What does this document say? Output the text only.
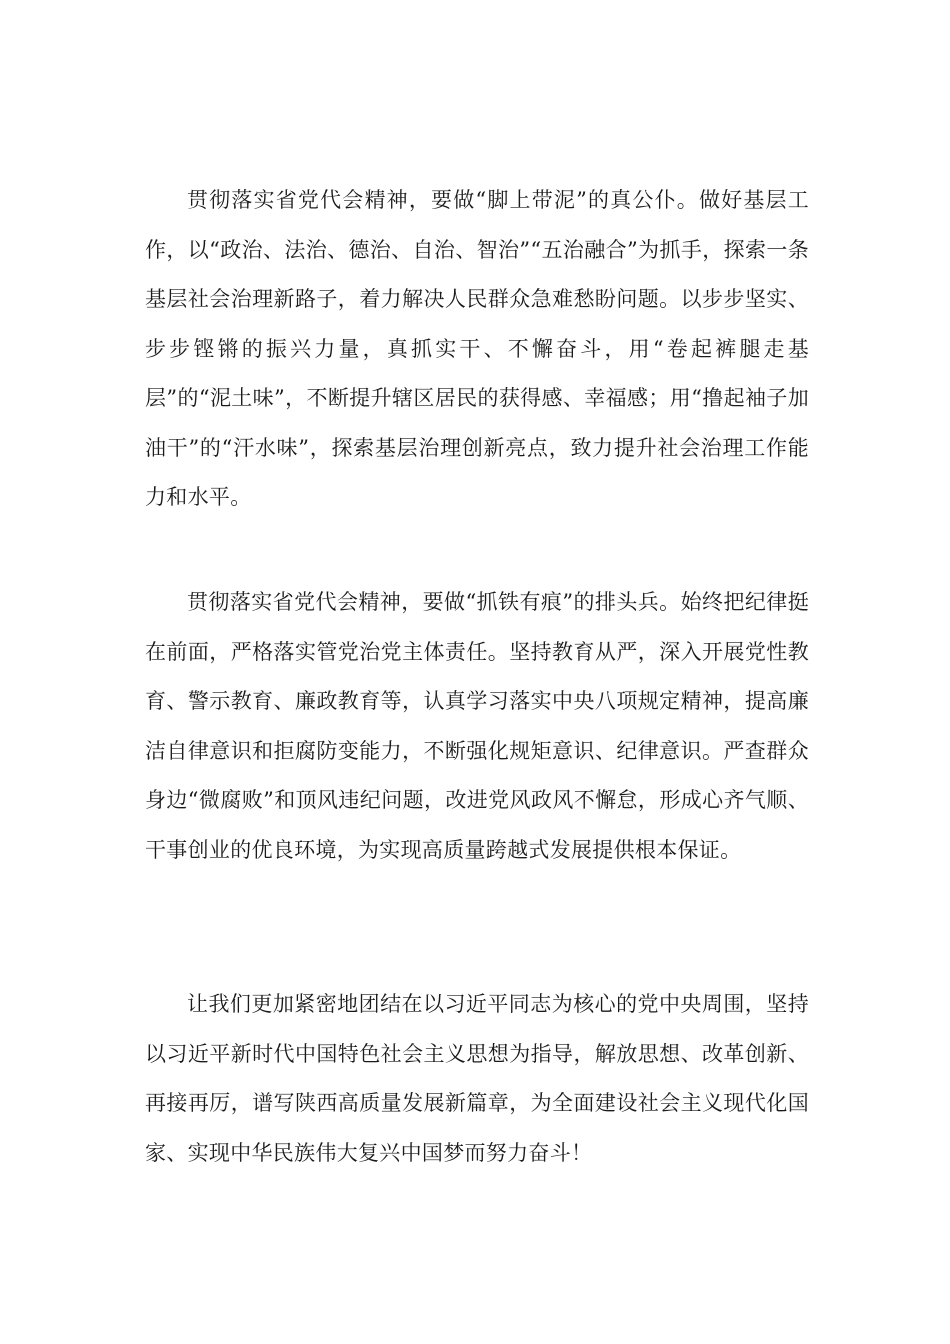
贯彻落实省党代会精神，要做“脚上带泥”的真公仆。做好基层工作，以“政治、法治、德治、自治、智治”“五治融合”为抓手，探索一条基层社会治理新路子，着力解决人民群众急难愁盼问题。以步步坚实、步步铿锵的振兴力量，真抓实干、不懈奋斗，用“卷起裤腿走基层”的“泥土味”，不断提升辖区居民的获得感、幸福感；用“撸起袖子加油干”的“汗水味”，探索基层治理创新亮点，致力提升社会治理工作能力和水平。

贯彻落实省党代会精神，要做“抓铁有痕”的排头兵。始终把纪律挺在前面，严格落实管党治党主体责任。坚持教育从严，深入开展党性教育、警示教育、廉政教育等，认真学习落实中央八项规定精神，提高廉洁自律意识和拒腐防变能力，不断强化规矩意识、纪律意识。严查群众身边“微腐败”和顶风违纪问题，改进党风政风不懈怠，形成心齐气顺、干事创业的优良环境，为实现高质量跨越式发展提供根本保证。

让我们更加紧密地团结在以习近平同志为核心的党中央周围，坚持以习近平新时代中国特色社会主义思想为指导，解放思想、改革创新、再接再厉，谱写陕西高质量发展新篇章，为全面建设社会主义现代化国家、实现中华民族伟大复兴中国梦而努力奋斗！
